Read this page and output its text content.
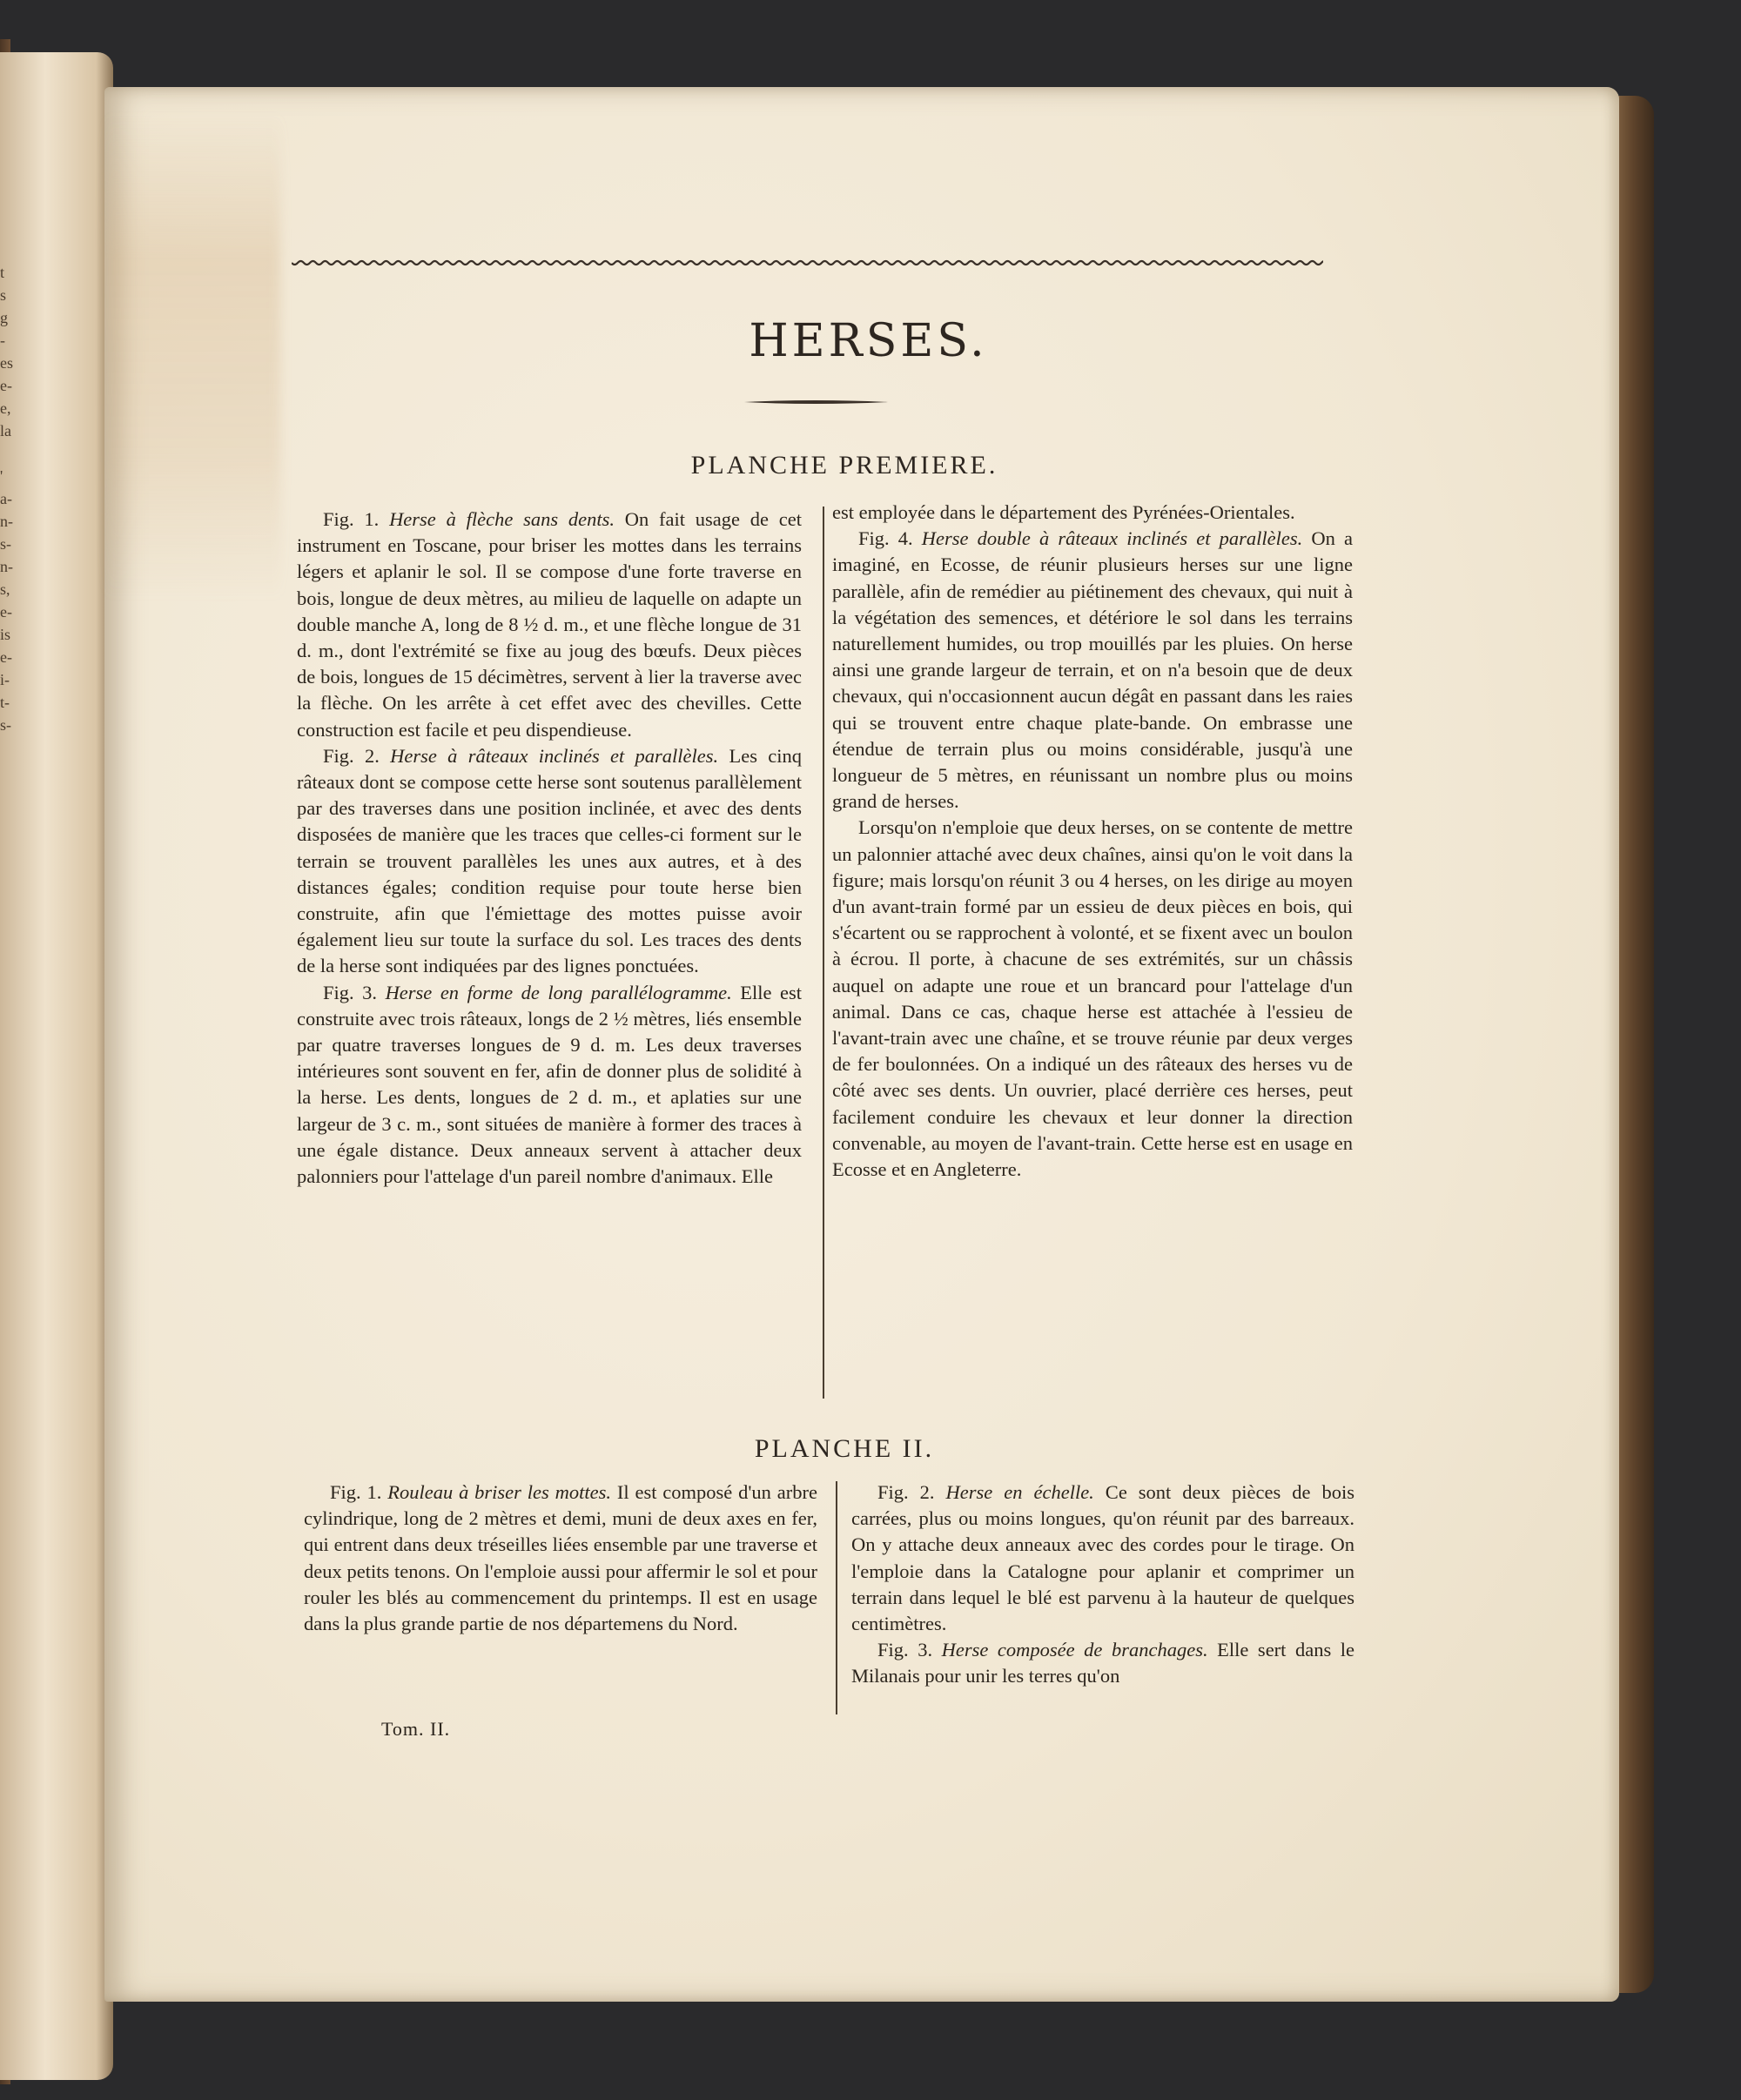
t
s
g
-
es
e-
e,
la

'
a-
n-
s-
n-
s,
e-
is
e-
i-
t-
s-
HERSES.
PLANCHE PREMIERE.

Fig. 1. Herse à flèche sans dents. On fait usage de cet instrument en Toscane, pour briser les mottes dans les terrains légers et aplanir le sol. Il se compose d'une forte traverse en bois, longue de deux mètres, au milieu de laquelle on adapte un double manche A, long de 8 ½ d. m., et une flèche longue de 31 d. m., dont l'extrémité se fixe au joug des bœufs. Deux pièces de bois, longues de 15 décimètres, servent à lier la traverse avec la flèche. On les arrête à cet effet avec des chevilles. Cette construction est facile et peu dispendieuse.

Fig. 2. Herse à râteaux inclinés et parallèles. Les cinq râteaux dont se compose cette herse sont soutenus parallèlement par des traverses dans une position inclinée, et avec des dents disposées de manière que les traces que celles-ci forment sur le terrain se trouvent parallèles les unes aux autres, et à des distances égales; condition requise pour toute herse bien construite, afin que l'émiettage des mottes puisse avoir également lieu sur toute la surface du sol. Les traces des dents de la herse sont indiquées par des lignes ponctuées.

Fig. 3. Herse en forme de long parallélogramme. Elle est construite avec trois râteaux, longs de 2 ½ mètres, liés ensemble par quatre traverses longues de 9 d. m. Les deux traverses intérieures sont souvent en fer, afin de donner plus de solidité à la herse. Les dents, longues de 2 d. m., et aplaties sur une largeur de 3 c. m., sont situées de manière à former des traces à une égale distance. Deux anneaux servent à attacher deux palonniers pour l'attelage d'un pareil nombre d'animaux. Elle

est employée dans le département des Pyrénées-Orientales.

Fig. 4. Herse double à râteaux inclinés et parallèles. On a imaginé, en Ecosse, de réunir plusieurs herses sur une ligne parallèle, afin de remédier au piétinement des chevaux, qui nuit à la végétation des semences, et détériore le sol dans les terrains naturellement humides, ou trop mouillés par les pluies. On herse ainsi une grande largeur de terrain, et on n'a besoin que de deux chevaux, qui n'occasionnent aucun dégât en passant dans les raies qui se trouvent entre chaque plate-bande. On embrasse une étendue de terrain plus ou moins considérable, jusqu'à une longueur de 5 mètres, en réunissant un nombre plus ou moins grand de herses.

Lorsqu'on n'emploie que deux herses, on se contente de mettre un palonnier attaché avec deux chaînes, ainsi qu'on le voit dans la figure; mais lorsqu'on réunit 3 ou 4 herses, on les dirige au moyen d'un avant-train formé par un essieu de deux pièces en bois, qui s'écartent ou se rapprochent à volonté, et se fixent avec un boulon à écrou. Il porte, à chacune de ses extrémités, sur un châssis auquel on adapte une roue et un brancard pour l'attelage d'un animal. Dans ce cas, chaque herse est attachée à l'essieu de l'avant-train avec une chaîne, et se trouve réunie par deux verges de fer boulonnées. On a indiqué un des râteaux des herses vu de côté avec ses dents. Un ouvrier, placé derrière ces herses, peut facilement conduire les chevaux et leur donner la direction convenable, au moyen de l'avant-train. Cette herse est en usage en Ecosse et en Angleterre.

PLANCHE II.

Fig. 1. Rouleau à briser les mottes. Il est composé d'un arbre cylindrique, long de 2 mètres et demi, muni de deux axes en fer, qui entrent dans deux tréseilles liées ensemble par une traverse et deux petits tenons. On l'emploie aussi pour affermir le sol et pour rouler les blés au commencement du printemps. Il est en usage dans la plus grande partie de nos départemens du Nord.

Fig. 2. Herse en échelle. Ce sont deux pièces de bois carrées, plus ou moins longues, qu'on réunit par des barreaux. On y attache deux anneaux avec des cordes pour le tirage. On l'emploie dans la Catalogne pour aplanir et comprimer un terrain dans lequel le blé est parvenu à la hauteur de quelques centimètres.

Fig. 3. Herse composée de branchages. Elle sert dans le Milanais pour unir les terres qu'on

Tom. II.
